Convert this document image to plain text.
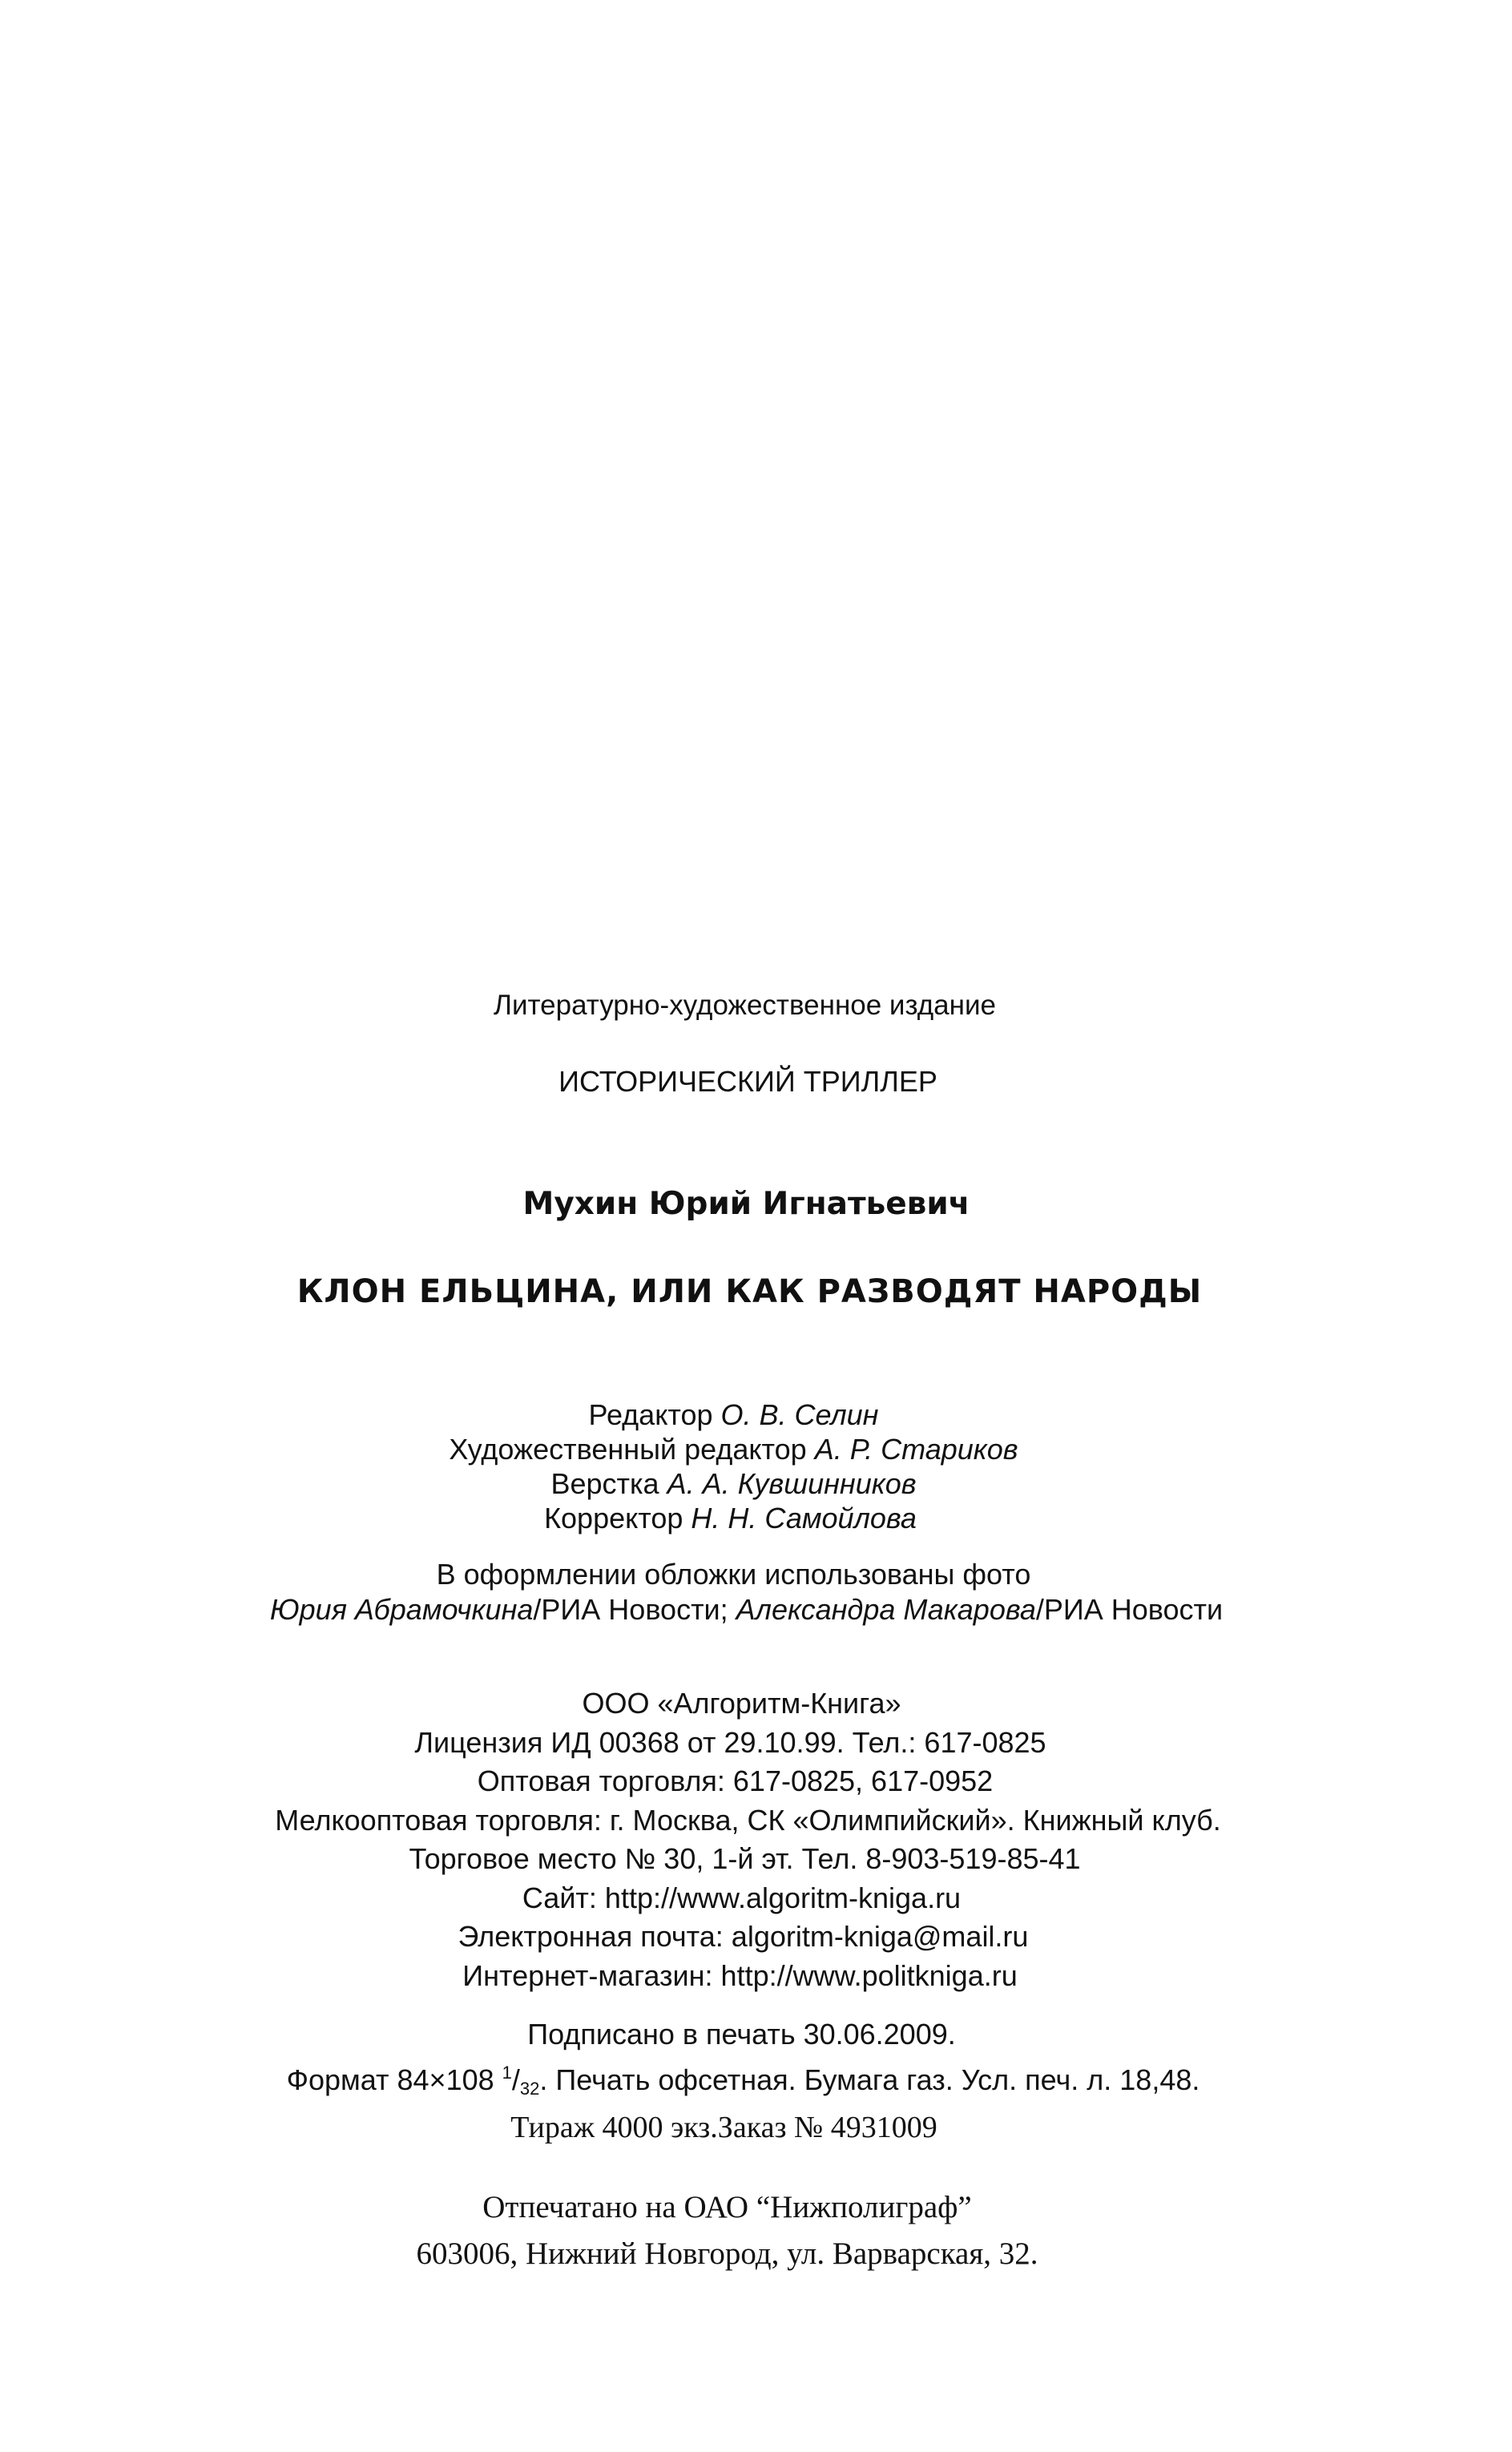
Литературно-художественное издание
ИСТОРИЧЕСКИЙ ТРИЛЛЕР
Мухин Юрий Игнатьевич
КЛОН ЕЛЬЦИНА, ИЛИ КАК РАЗВОДЯТ НАРОДЫ
Редактор О. В. Селин
Художественный редактор А. Р. Стариков
Верстка А. А. Кувшинников
Корректор Н. Н. Самойлова
В оформлении обложки использованы фото
Юрия Абрамочкина/РИА Новости; Александра Макарова/РИА Новости
ООО «Алгоритм-Книга»
Лицензия ИД 00368 от 29.10.99. Тел.: 617-0825
Оптовая торговля: 617-0825, 617-0952
Мелкооптовая торговля: г. Москва, СК «Олимпийский». Книжный клуб.
Торговое место № 30, 1-й эт. Тел. 8-903-519-85-41
Сайт: http://www.algoritm-kniga.ru
Электронная почта: algoritm-kniga@mail.ru
Интернет-магазин: http://www.politkniga.ru
Подписано в печать 30.06.2009.
Формат 84×108 $^1/_{32}$. Печать офсетная. Бумага газ. Усл. печ. л. 18,48.
Тираж 4000 экз.Заказ № 4931009
Отпечатано на ОАО “Нижполиграф”
603006, Нижний Новгород, ул. Варварская, 32.
